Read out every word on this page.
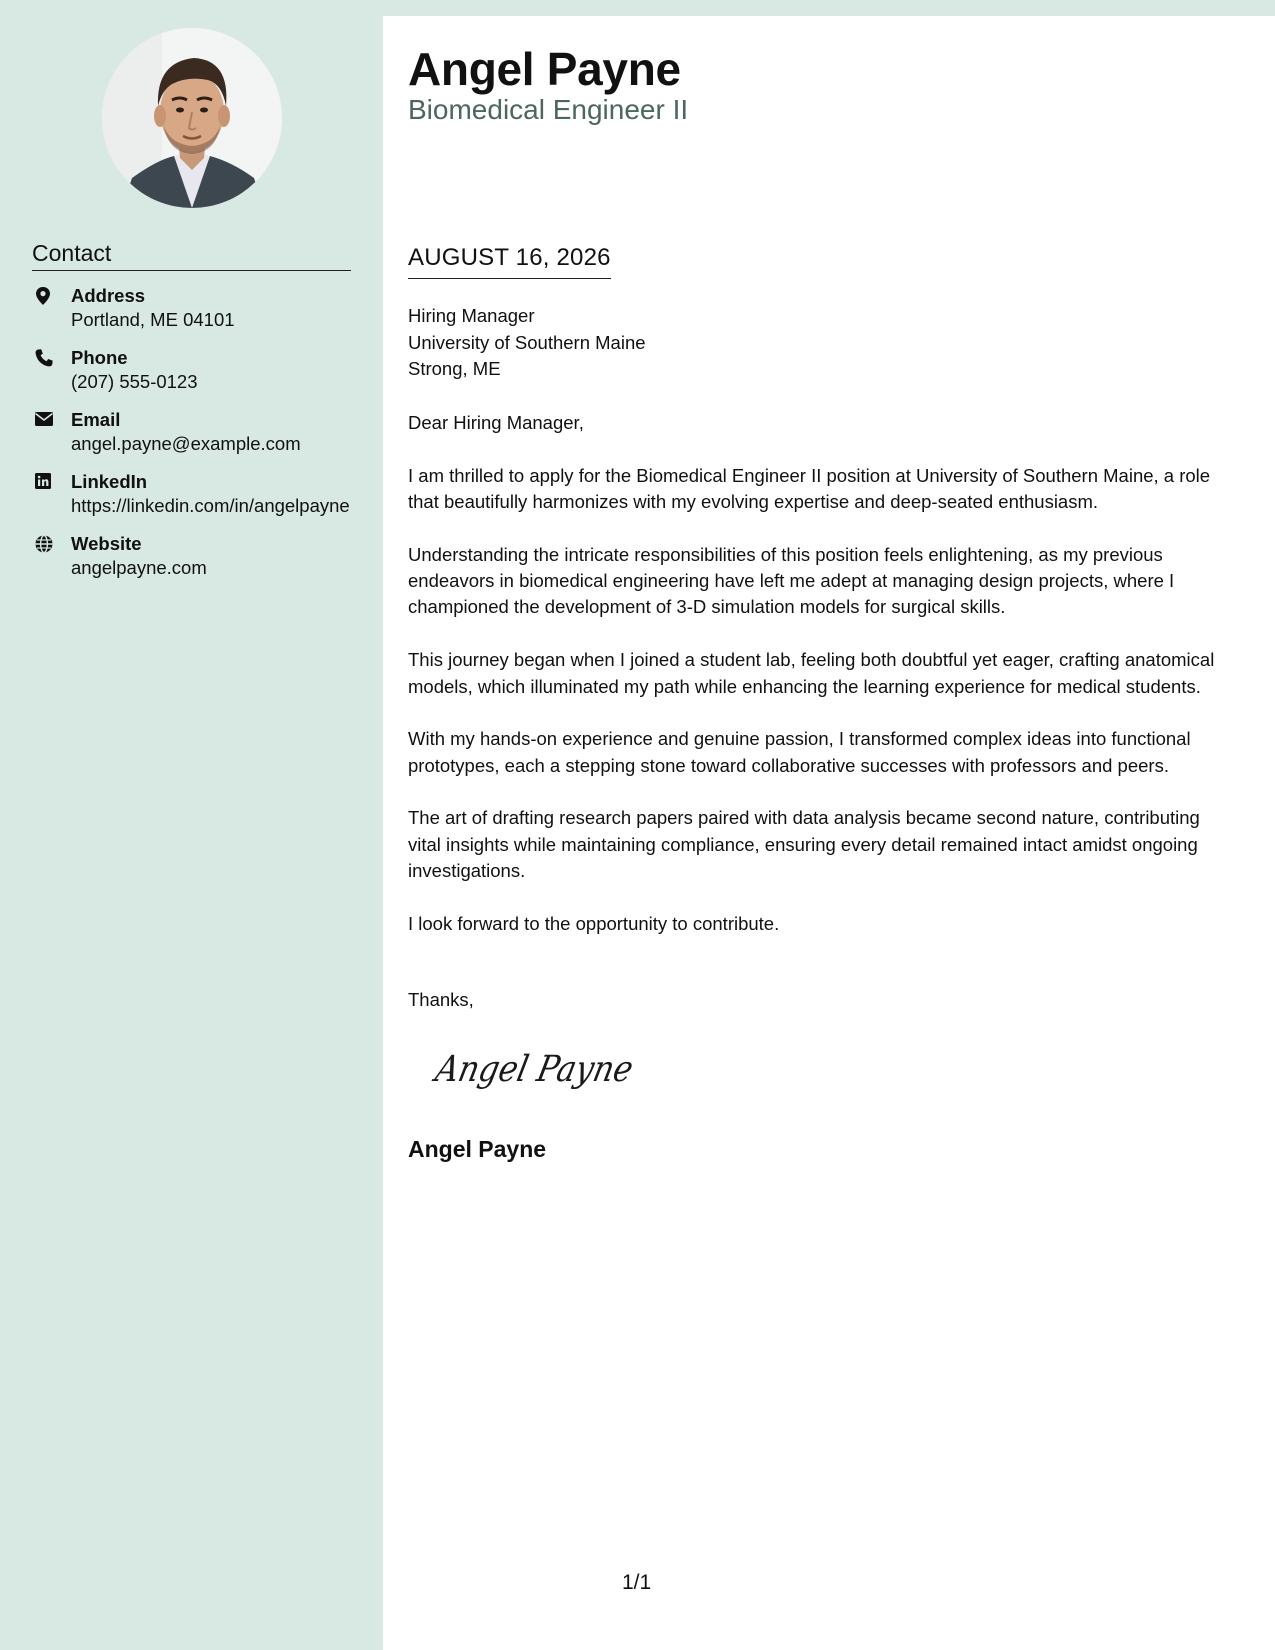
Contact
Address
Portland, ME 04101
Phone
(207) 555-0123
Email
angel.payne@example.com
LinkedIn
https://linkedin.com/in/angelpayne
Website
angelpayne.com
Angel Payne
Biomedical Engineer II
AUGUST 16, 2026
Hiring Manager
University of Southern Maine
Strong, ME

Dear Hiring Manager,

I am thrilled to apply for the Biomedical Engineer II position at University of Southern Maine, a role that beautifully harmonizes with my evolving expertise and deep-seated enthusiasm.

Understanding the intricate responsibilities of this position feels enlightening, as my previous endeavors in biomedical engineering have left me adept at managing design projects, where I championed the development of 3-D simulation models for surgical skills.

This journey began when I joined a student lab, feeling both doubtful yet eager, crafting anatomical models, which illuminated my path while enhancing the learning experience for medical students.

With my hands-on experience and genuine passion, I transformed complex ideas into functional prototypes, each a stepping stone toward collaborative successes with professors and peers.

The art of drafting research papers paired with data analysis became second nature, contributing vital insights while maintaining compliance, ensuring every detail remained intact amidst ongoing investigations.

I look forward to the opportunity to contribute.

Thanks,
Angel Payne
Angel Payne
1/1
